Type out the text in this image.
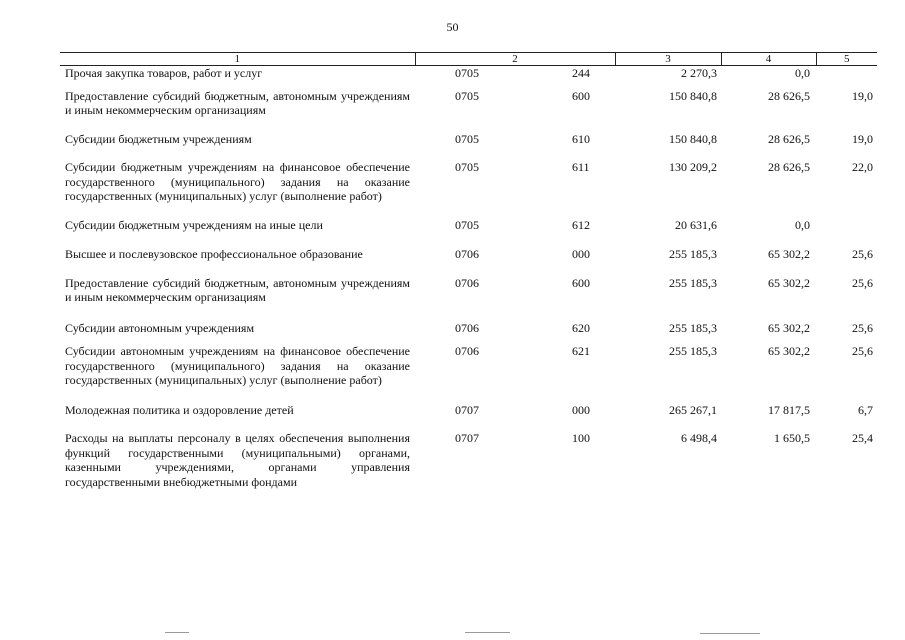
50
1	2		3	4	5
Прочая закупка товаров, работ и услуг	0705	244	2 270,3	0,0	
Предоставление субсидий бюджетным, автономным учреждениям и иным некоммерческим организациям	0705	600	150 840,8	28 626,5	19,0
Субсидии бюджетным учреждениям	0705	610	150 840,8	28 626,5	19,0
Субсидии бюджетным учреждениям на финансовое обеспечение государственного (муниципального) задания на оказание государственных (муниципальных) услуг (выполнение работ)	0705	611	130 209,2	28 626,5	22,0
Субсидии бюджетным учреждениям на иные цели	0705	612	20 631,6	0,0	
Высшее и послевузовское профессиональное образование	0706	000	255 185,3	65 302,2	25,6
Предоставление субсидий бюджетным, автономным учреждениям и иным некоммерческим организациям	0706	600	255 185,3	65 302,2	25,6
Субсидии автономным учреждениям	0706	620	255 185,3	65 302,2	25,6
Субсидии автономным учреждениям на финансовое обеспечение государственного (муниципального) задания на оказание государственных (муниципальных) услуг (выполнение работ)	0706	621	255 185,3	65 302,2	25,6
Молодежная политика и оздоровление детей	0707	000	265 267,1	17 817,5	6,7
Расходы на выплаты персоналу в целях обеспечения выполнения функций государственными (муниципальными) органами, казенными учреждениями, органами управления государственными внебюджетными фондами	0707	100	6 498,4	1 650,5	25,4
